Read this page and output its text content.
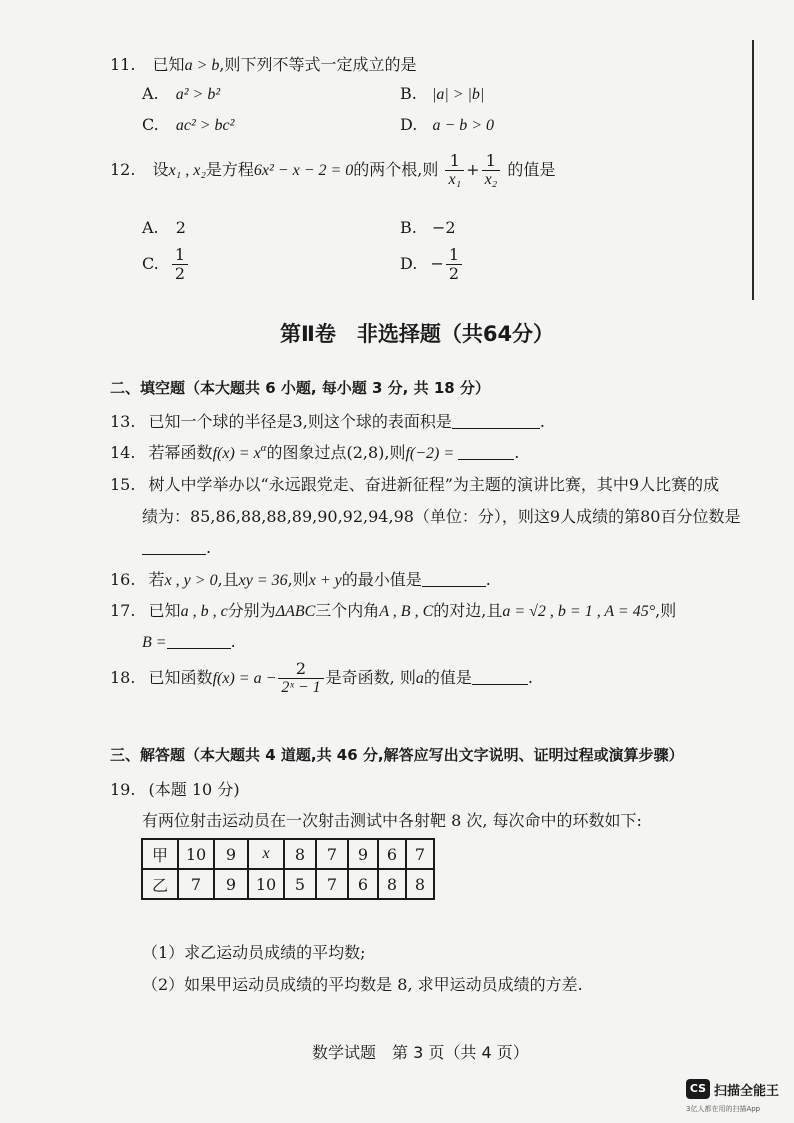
11. 已知a > b,则下列不等式一定成立的是
A. a² > b²	B. |a| > |b|
C. ac² > bc²	D. a − b > 0
12. 设x₁ , x₂是方程6x² − x − 2 = 0的两个根,则 $\frac{1}{\text{x₁}} + \frac{1}{\text{x₂}}$ 的值是
A. 2	B. −2
C. $\frac{1}{2}$	D. − $\frac{1}{2}$
第Ⅱ卷　非选择题（共64分）
二、填空题（本大题共 6 小题, 每小题 3 分, 共 18 分）
13. 已知一个球的半径是3,则这个球的表面积是	.
14. 若幂函数$f(x) = x^\alpha$的图象过点(2,8),则f(−2) =	.
15. 树人中学举办以“永远跟党走、奋进新征程”为主题的演讲比赛，其中9人比赛的成
绩为：85,86,88,88,89,90,92,94,98（单位：分），则这9人成绩的第80百分位数是
.
16. 若x , y > 0,且xy = 36,则x + y的最小值是	.
17. 已知a , b , c分别为ΔABC三个内角A , B , C的对边,且a = √2 , b = 1 , A = 45°,则
B =	.
18. 已知函数$f(x) = a - \frac{2}{\text{2ˣ − 1}}$ 是奇函数, 则a的值是	.
三、解答题（本大题共 4 道题,共 46 分,解答应写出文字说明、证明过程或演算步骤）
19. (本题 10 分)
有两位射击运动员在一次射击测试中各射靶 8 次, 每次命中的环数如下:
甲	10	9	x	8	7	9	6	7
乙	7	9	10	5	7	6	8	8
（1）求乙运动员成绩的平均数;
（2）如果甲运动员成绩的平均数是 8, 求甲运动员成绩的方差.
数学试题　第 3 页（共 4 页）
CS 扫描全能王
3亿人都在用的扫描App
